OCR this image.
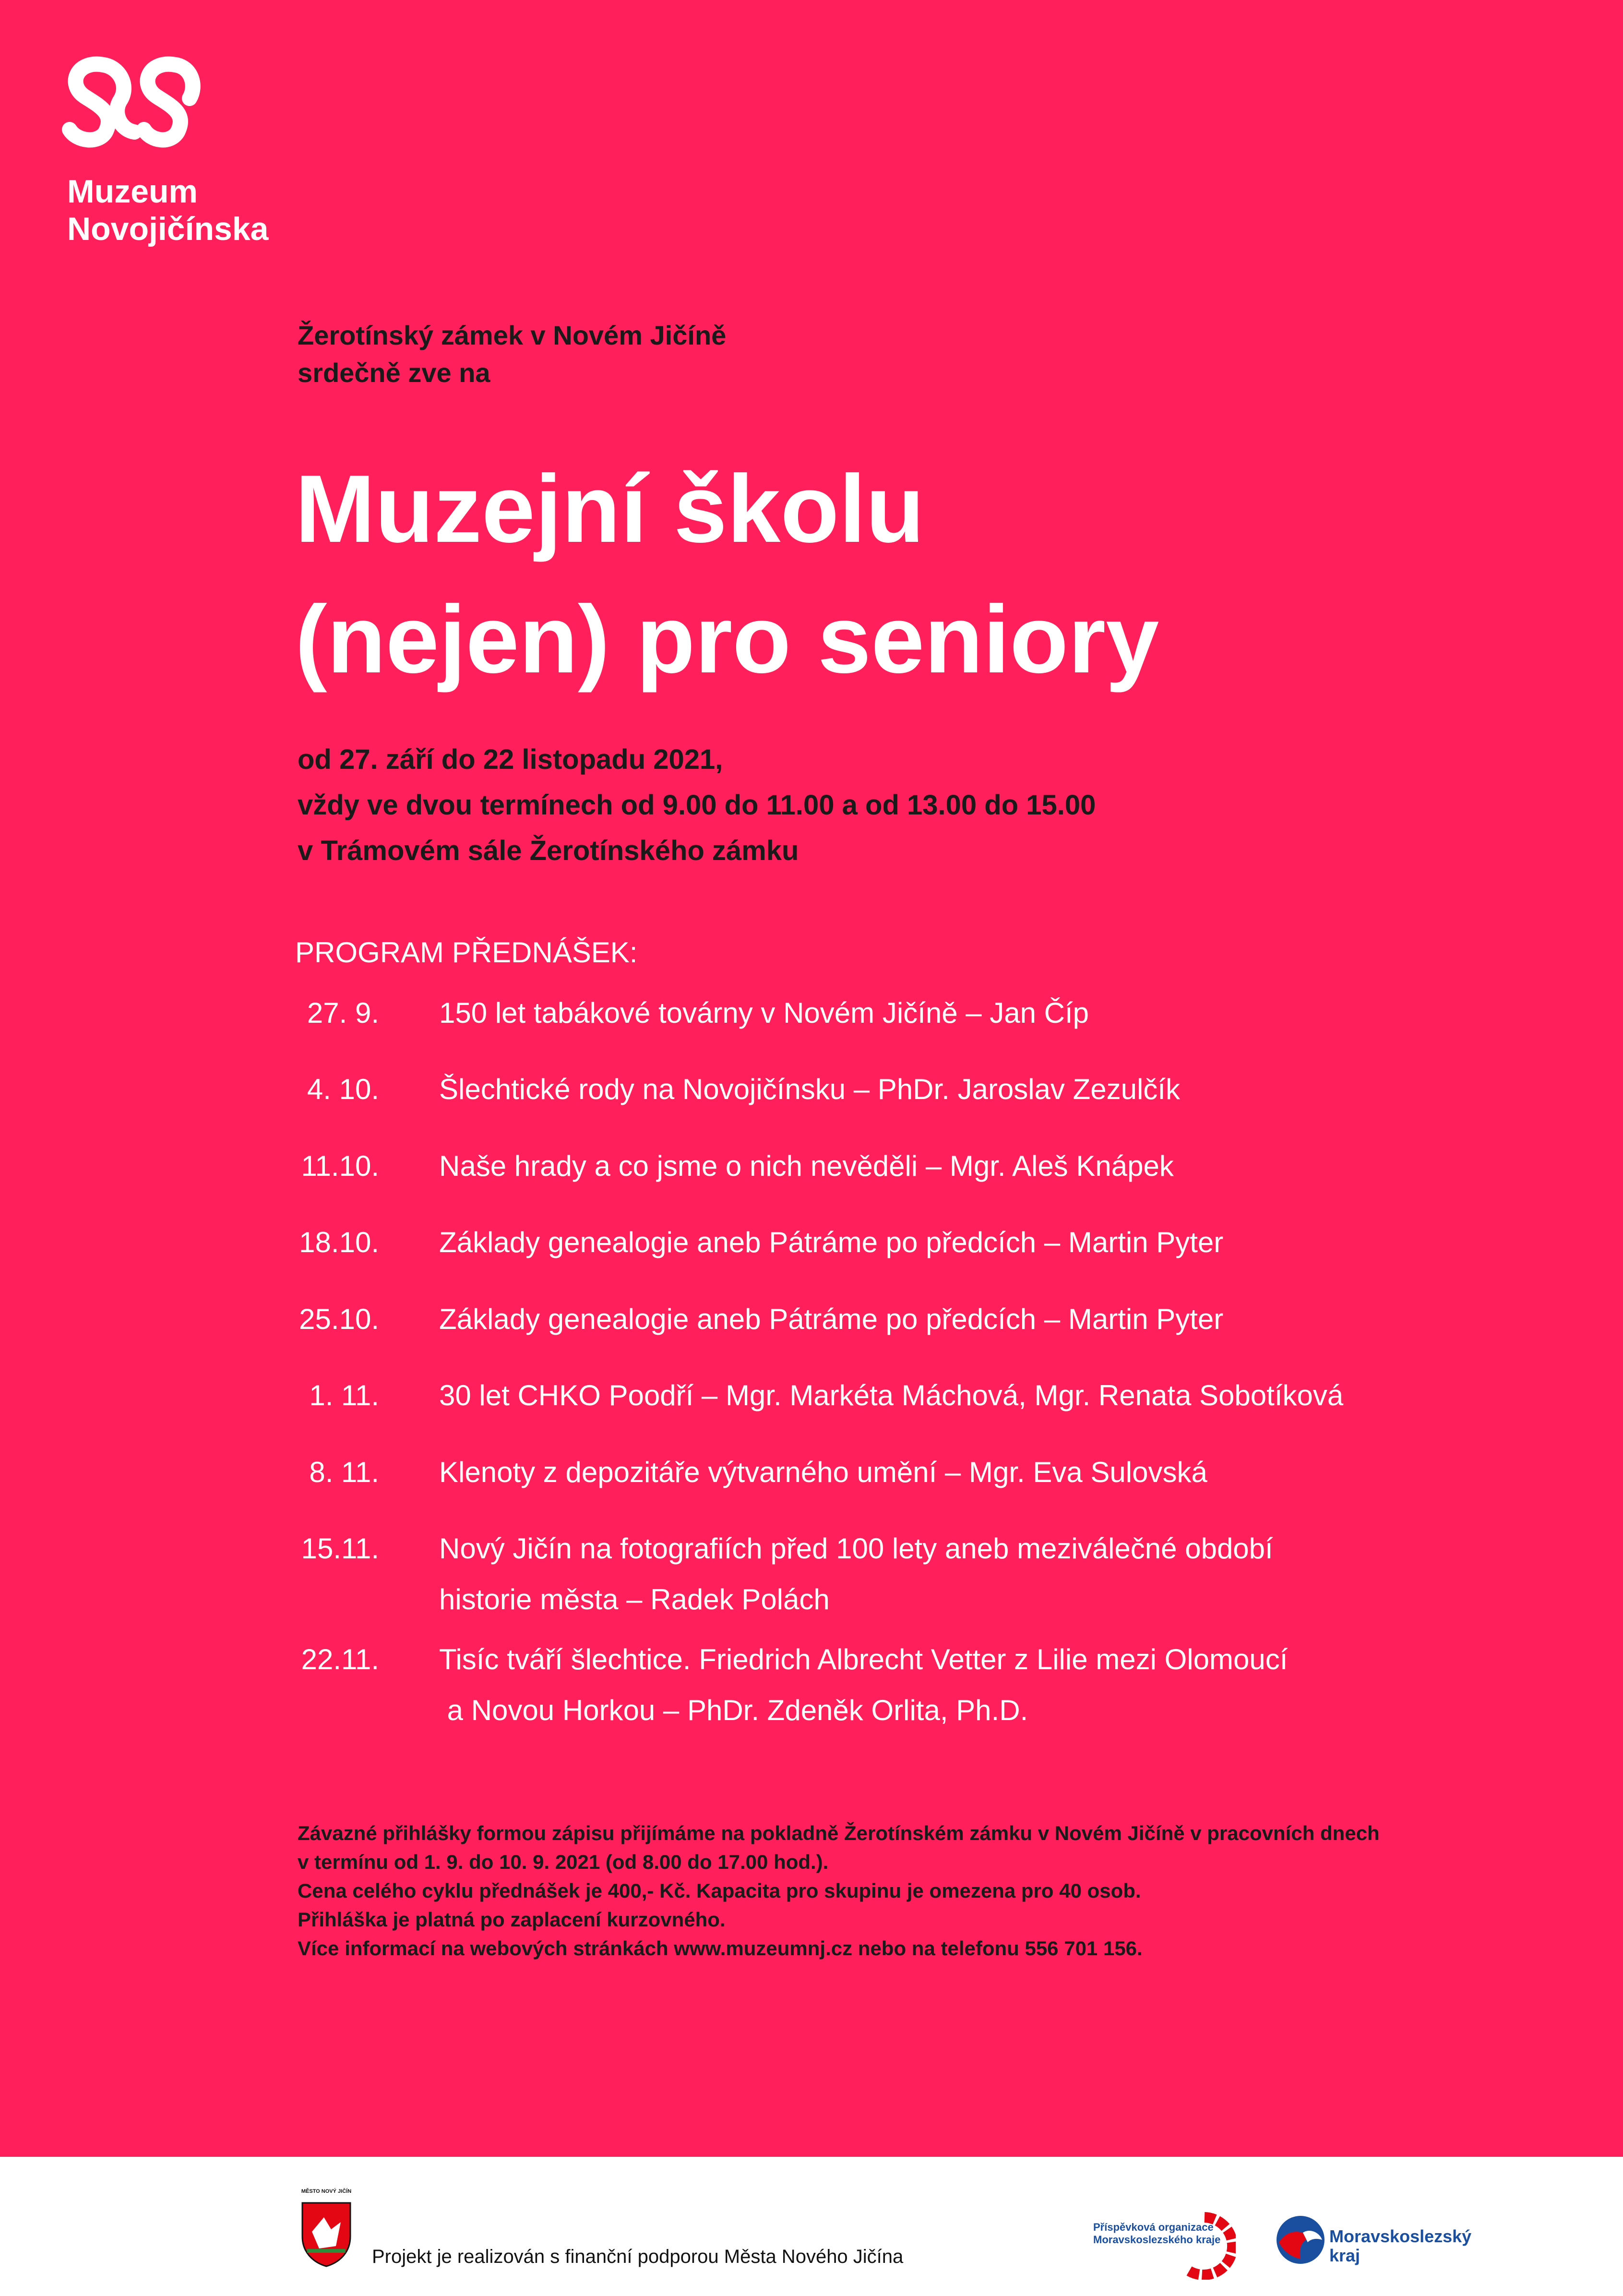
Muzeum
Novojičínska
Žerotínský zámek v Novém Jičíně
srdečně zve na
Muzejní školu
(nejen) pro seniory
od 27. září do 22 listopadu 2021,
vždy ve dvou termínech od 9.00 do 11.00 a od 13.00 do 15.00
v Trámovém sále Žerotínského zámku
PROGRAM PŘEDNÁŠEK:
27. 9. 150 let tabákové továrny v Novém Jičíně – Jan Číp
4. 10. Šlechtické rody na Novojičínsku – PhDr. Jaroslav Zezulčík
11.10. Naše hrady a co jsme o nich nevěděli – Mgr. Aleš Knápek
18.10. Základy genealogie aneb Pátráme po předcích – Martin Pyter
25.10. Základy genealogie aneb Pátráme po předcích – Martin Pyter
1. 11. 30 let CHKO Poodří – Mgr. Markéta Máchová, Mgr. Renata Sobotíková
8. 11. Klenoty z depozitáře výtvarného umění – Mgr. Eva Sulovská
15.11. Nový Jičín na fotografiích před 100 lety aneb meziválečné období
historie města – Radek Polách
22.11. Tisíc tváří šlechtice. Friedrich Albrecht Vetter z Lilie mezi Olomoucí
a Novou Horkou – PhDr. Zdeněk Orlita, Ph.D.
Závazné přihlášky formou zápisu přijímáme na pokladně Žerotínském zámku v Novém Jičíně v pracovních dnech
v termínu od 1. 9. do 10. 9. 2021 (od 8.00 do 17.00 hod.).
Cena celého cyklu přednášek je 400,- Kč. Kapacita pro skupinu je omezena pro 40 osob.
Přihláška je platná po zaplacení kurzovného.
Více informací na webových stránkách www.muzeumnj.cz nebo na telefonu 556 701 156.
MĚSTO NOVÝ JIČÍN
Projekt je realizován s finanční podporou Města Nového Jičína
Příspěvková organizace
Moravskoslezského kraje	Moravskoslezský
kraj
